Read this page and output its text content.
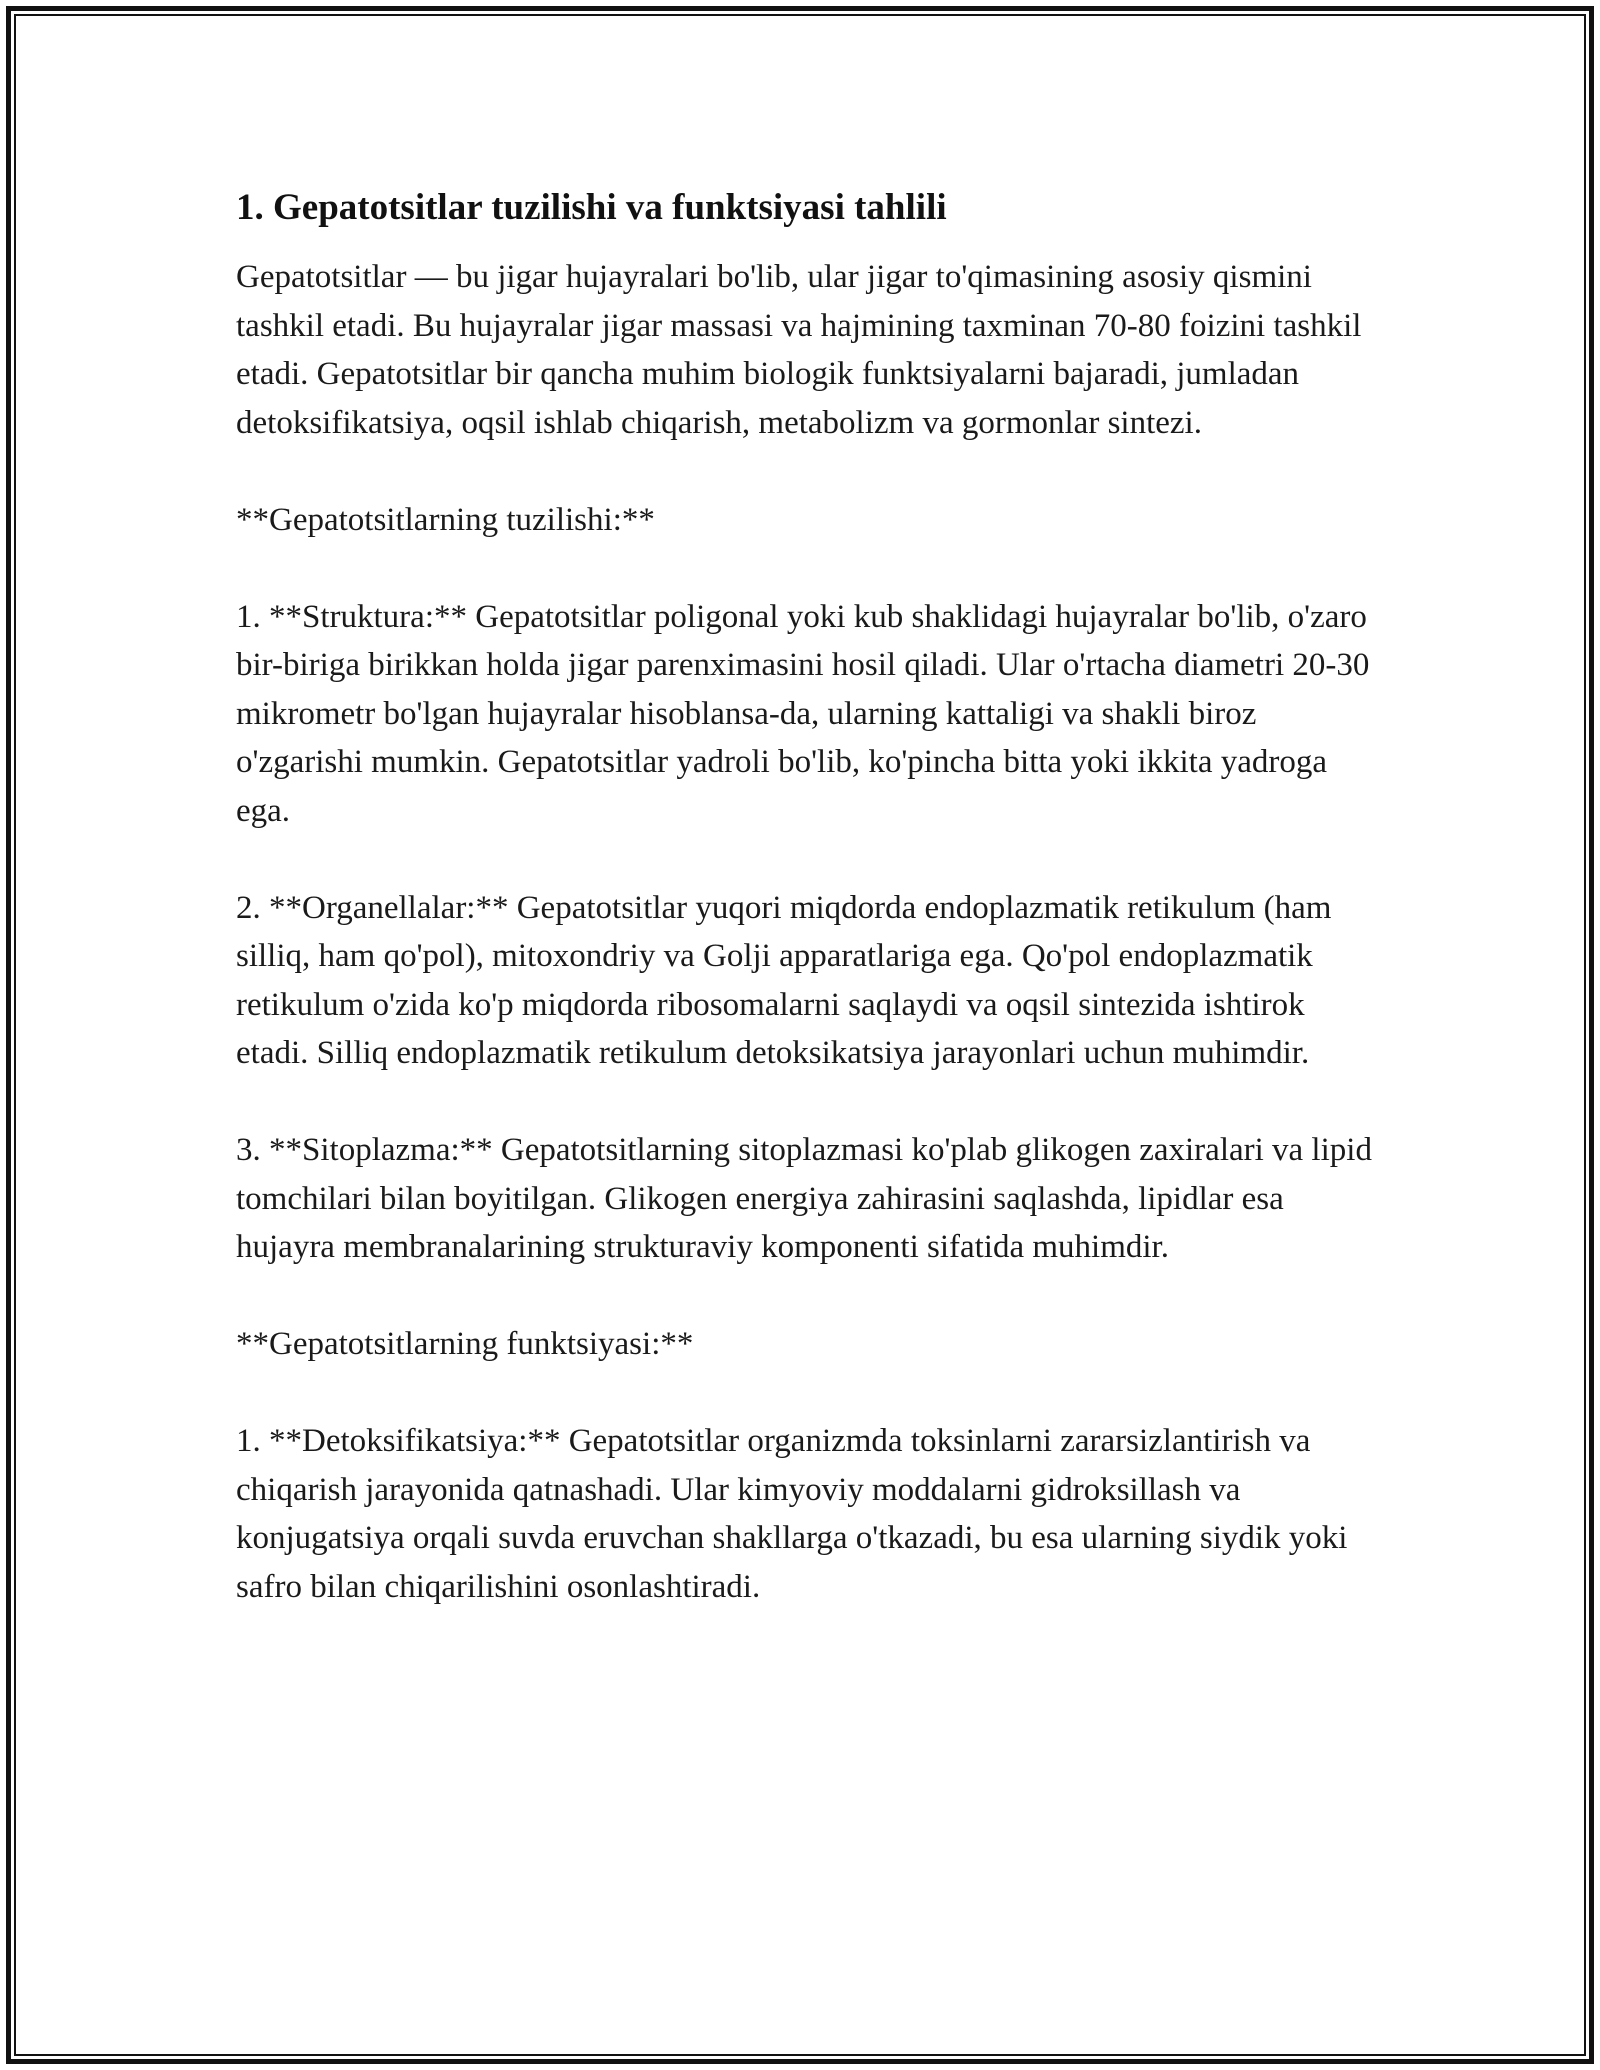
1. Gepatotsitlar tuzilishi va funktsiyasi tahlili

Gepatotsitlar — bu jigar hujayralari bo'lib, ular jigar to'qimasining asosiy qismini tashkil etadi. Bu hujayralar jigar massasi va hajmining taxminan 70-80 foizini tashkil etadi. Gepatotsitlar bir qancha muhim biologik funktsiyalarni bajaradi, jumladan detoksifikatsiya, oqsil ishlab chiqarish, metabolizm va gormonlar sintezi.

**Gepatotsitlarning tuzilishi:**

1. **Struktura:** Gepatotsitlar poligonal yoki kub shaklidagi hujayralar bo'lib, o'zaro bir-biriga birikkan holda jigar parenximasini hosil qiladi. Ular o'rtacha diametri 20-30 mikrometr bo'lgan hujayralar hisoblansa-da, ularning kattaligi va shakli biroz o'zgarishi mumkin. Gepatotsitlar yadroli bo'lib, ko'pincha bitta yoki ikkita yadroga ega.

2. **Organellalar:** Gepatotsitlar yuqori miqdorda endoplazmatik retikulum (ham silliq, ham qo'pol), mitoxondriy va Golji apparatlariga ega. Qo'pol endoplazmatik retikulum o'zida ko'p miqdorda ribosomalarni saqlaydi va oqsil sintezida ishtirok etadi. Silliq endoplazmatik retikulum detoksikatsiya jarayonlari uchun muhimdir.

3. **Sitoplazma:** Gepatotsitlarning sitoplazmasi ko'plab glikogen zaxiralari va lipid tomchilari bilan boyitilgan. Glikogen energiya zahirasini saqlashda, lipidlar esa hujayra membranalarining strukturaviy komponenti sifatida muhimdir.

**Gepatotsitlarning funktsiyasi:**

1. **Detoksifikatsiya:** Gepatotsitlar organizmda toksinlarni zararsizlantirish va chiqarish jarayonida qatnashadi. Ular kimyoviy moddalarni gidroksillash va konjugatsiya orqali suvda eruvchan shakllarga o'tkazadi, bu esa ularning siydik yoki safro bilan chiqarilishini osonlashtiradi.
